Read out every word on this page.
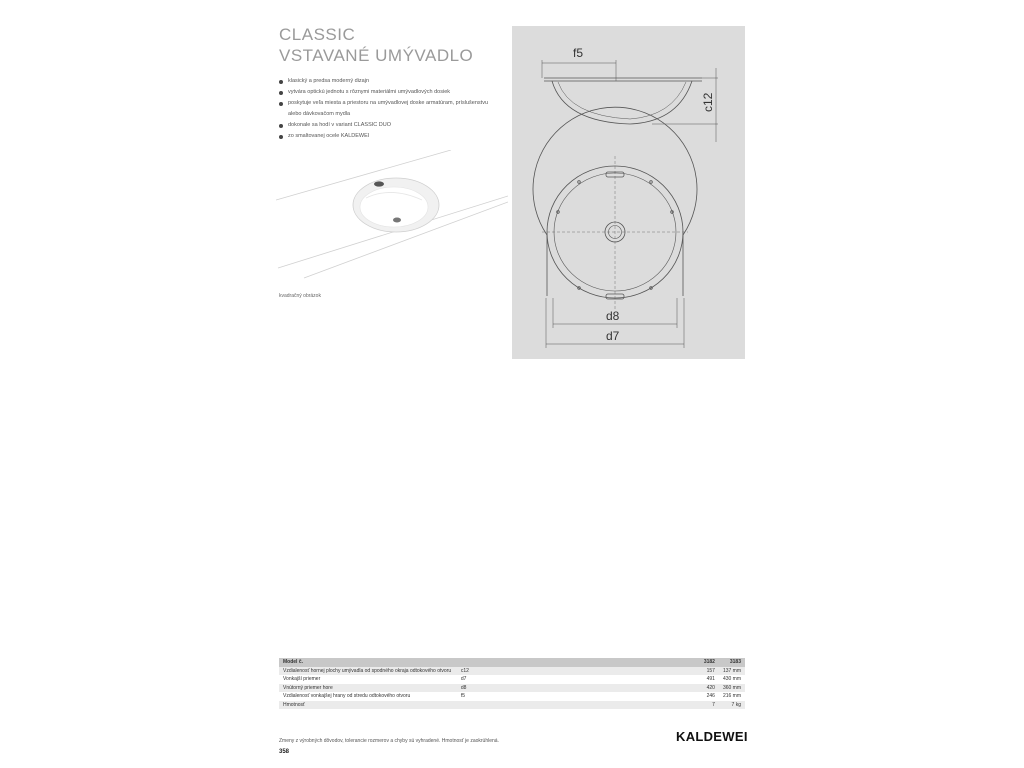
CLASSIC
VSTAVANÉ UMÝVADLO
klasický a predsa moderný dizajn
vytvára optickú jednotu s rôznymi materiálmi umývadlových dosiek
poskytuje veľa miesta a priestoru na umývadlovej doske armatúram, príslušenstvu alebo dávkovačom mydla
dokonale sa hodí v variant CLASSIC DUO
zo smaltovanej ocele KALDEWEI
kvadračný obrázok
f5
c12
d8
d7
Model č.			3182	3183
Vzdialenosť hornej plochy umývadla od spodného okraja odtokového otvoru	c12		157	137 mm
Vonkajší priemer	d7		491	430 mm
Vnútorný priemer hore	d8		420	360 mm
Vzdialenosť vonkajšej hrany od stredu odtokového otvoru	f5		246	216 mm
Hmotnosť			7	7 kg
Zmeny z výrobných dôvodov, tolerancie rozmerov a chyby sú vyhradené. Hmotnosť je zaokrúhlená.
358
KALDEWEI
